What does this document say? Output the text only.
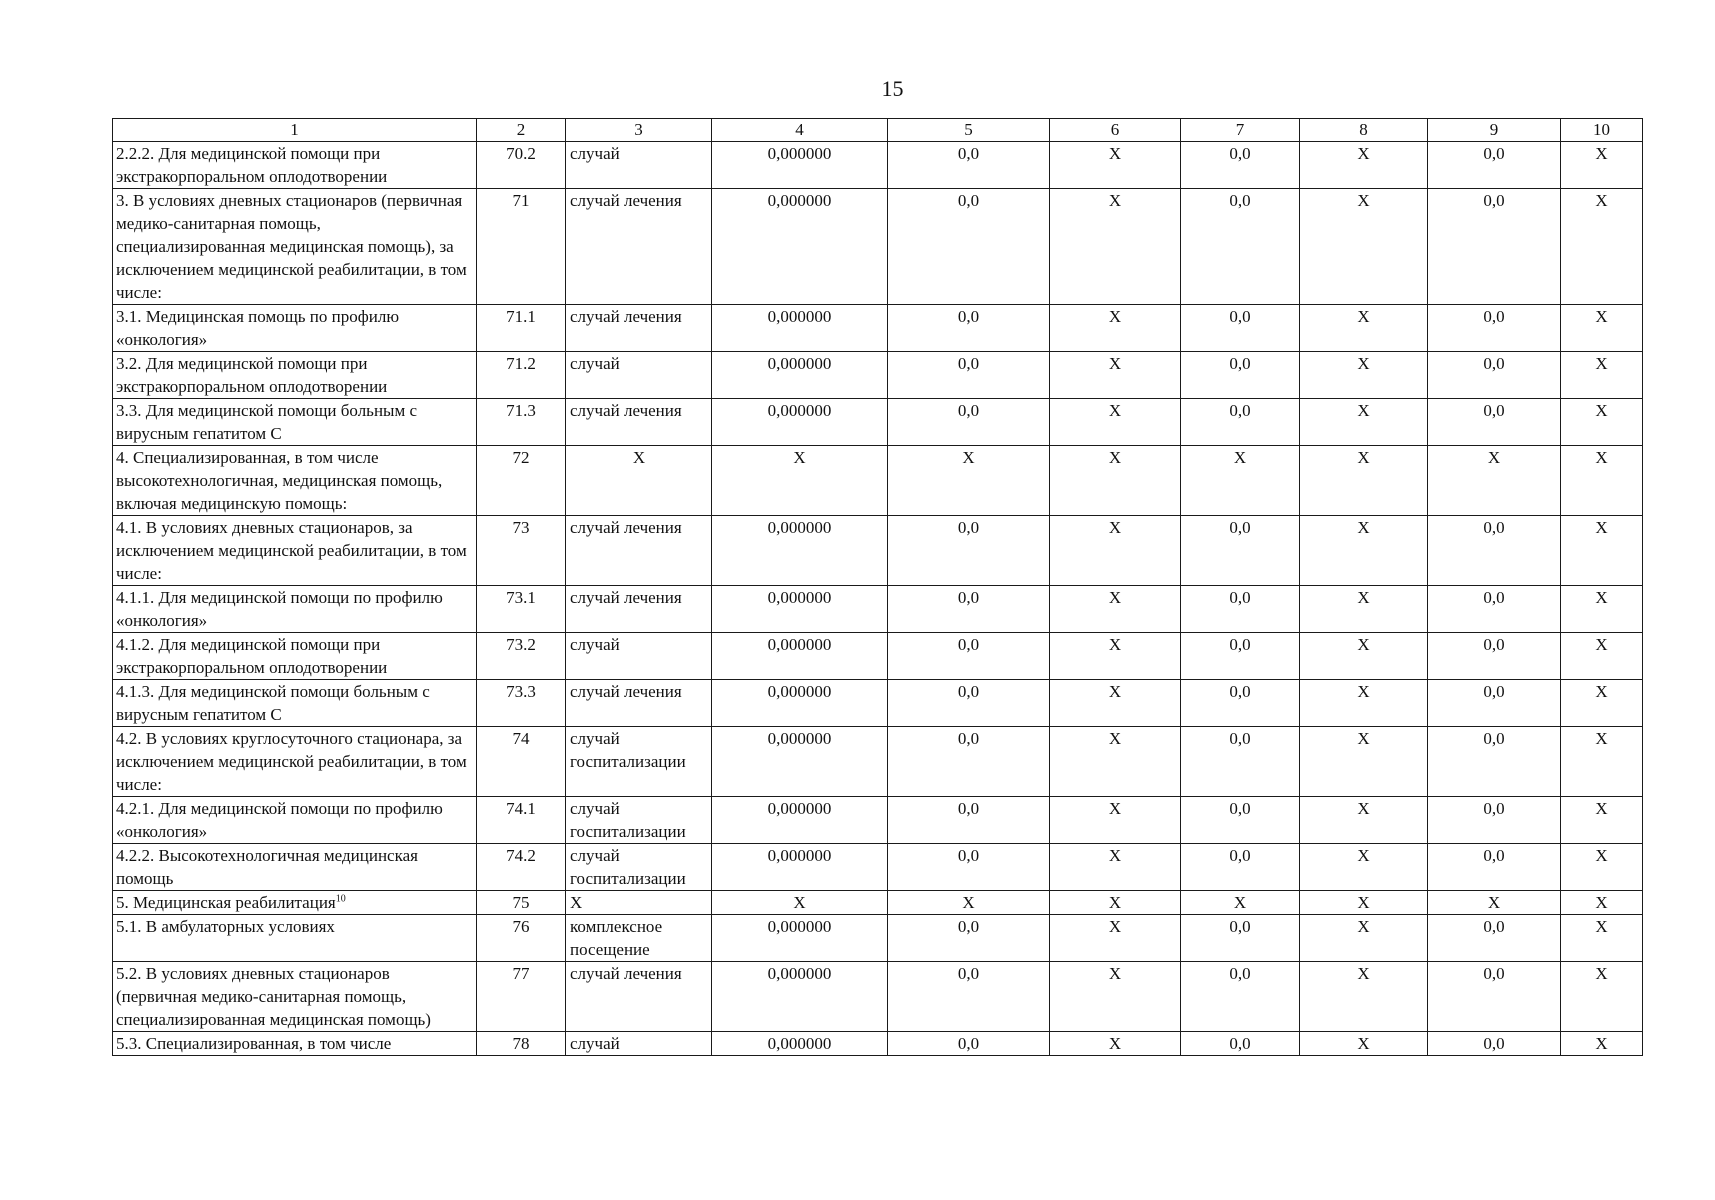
15
1	2	3	4	5	6	7	8	9	10
2.2.2. Для медицинской помощи при экстракорпоральном оплодотворении	70.2	случай	0,000000	0,0	X	0,0	X	0,0	X
3. В условиях дневных стационаров (первичная медико-санитарная помощь, специализированная медицинская помощь), за исключением медицинской реабилитации, в том числе:	71	случай лечения	0,000000	0,0	X	0,0	X	0,0	X
3.1. Медицинская помощь по профилю «онкология»	71.1	случай лечения	0,000000	0,0	X	0,0	X	0,0	X
3.2. Для медицинской помощи при экстракорпоральном оплодотворении	71.2	случай	0,000000	0,0	X	0,0	X	0,0	X
3.3. Для медицинской помощи больным с вирусным гепатитом С	71.3	случай лечения	0,000000	0,0	X	0,0	X	0,0	X
4. Специализированная, в том числе высокотехнологичная, медицинская помощь, включая медицинскую помощь:	72	X	X	X	X	X	X	X	X
4.1. В условиях дневных стационаров, за исключением медицинской реабилитации, в том числе:	73	случай лечения	0,000000	0,0	X	0,0	X	0,0	X
4.1.1. Для медицинской помощи по профилю «онкология»	73.1	случай лечения	0,000000	0,0	X	0,0	X	0,0	X
4.1.2. Для медицинской помощи при экстракорпоральном оплодотворении	73.2	случай	0,000000	0,0	X	0,0	X	0,0	X
4.1.3. Для медицинской помощи больным с вирусным гепатитом С	73.3	случай лечения	0,000000	0,0	X	0,0	X	0,0	X
4.2. В условиях круглосуточного стационара, за исключением медицинской реабилитации, в том числе:	74	случай госпитализации	0,000000	0,0	X	0,0	X	0,0	X
4.2.1. Для медицинской помощи по профилю «онкология»	74.1	случай госпитализации	0,000000	0,0	X	0,0	X	0,0	X
4.2.2. Высокотехнологичная медицинская помощь	74.2	случай госпитализации	0,000000	0,0	X	0,0	X	0,0	X
5. Медицинская реабилитация$^{10}$	75	X	X	X	X	X	X	X	X
5.1. В амбулаторных условиях	76	комплексное посещение	0,000000	0,0	X	0,0	X	0,0	X
5.2. В условиях дневных стационаров (первичная медико-санитарная помощь, специализированная медицинская помощь)	77	случай лечения	0,000000	0,0	X	0,0	X	0,0	X
5.3. Специализированная, в том числе	78	случай	0,000000	0,0	X	0,0	X	0,0	X
